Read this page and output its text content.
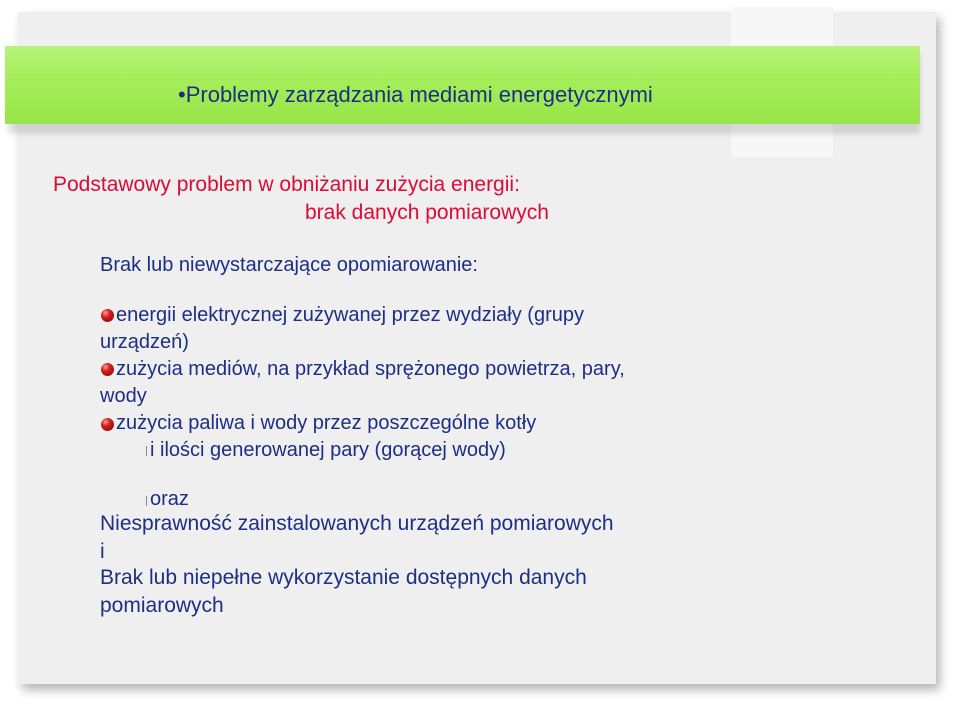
•Problemy zarządzania mediami energetycznymi
Podstawowy problem w obniżaniu zużycia energii:
brak danych pomiarowych
Brak lub niewystarczające opomiarowanie:
energii elektrycznej zużywanej przez wydziały (grupy
urządzeń)
zużycia mediów, na przykład sprężonego powietrza, pary,
wody
zużycia paliwa i wody przez poszczególne kotły
i ilości generowanej pary (gorącej wody)
oraz
Niesprawność zainstalowanych urządzeń pomiarowych
i
Brak lub niepełne wykorzystanie dostępnych danych
pomiarowych
